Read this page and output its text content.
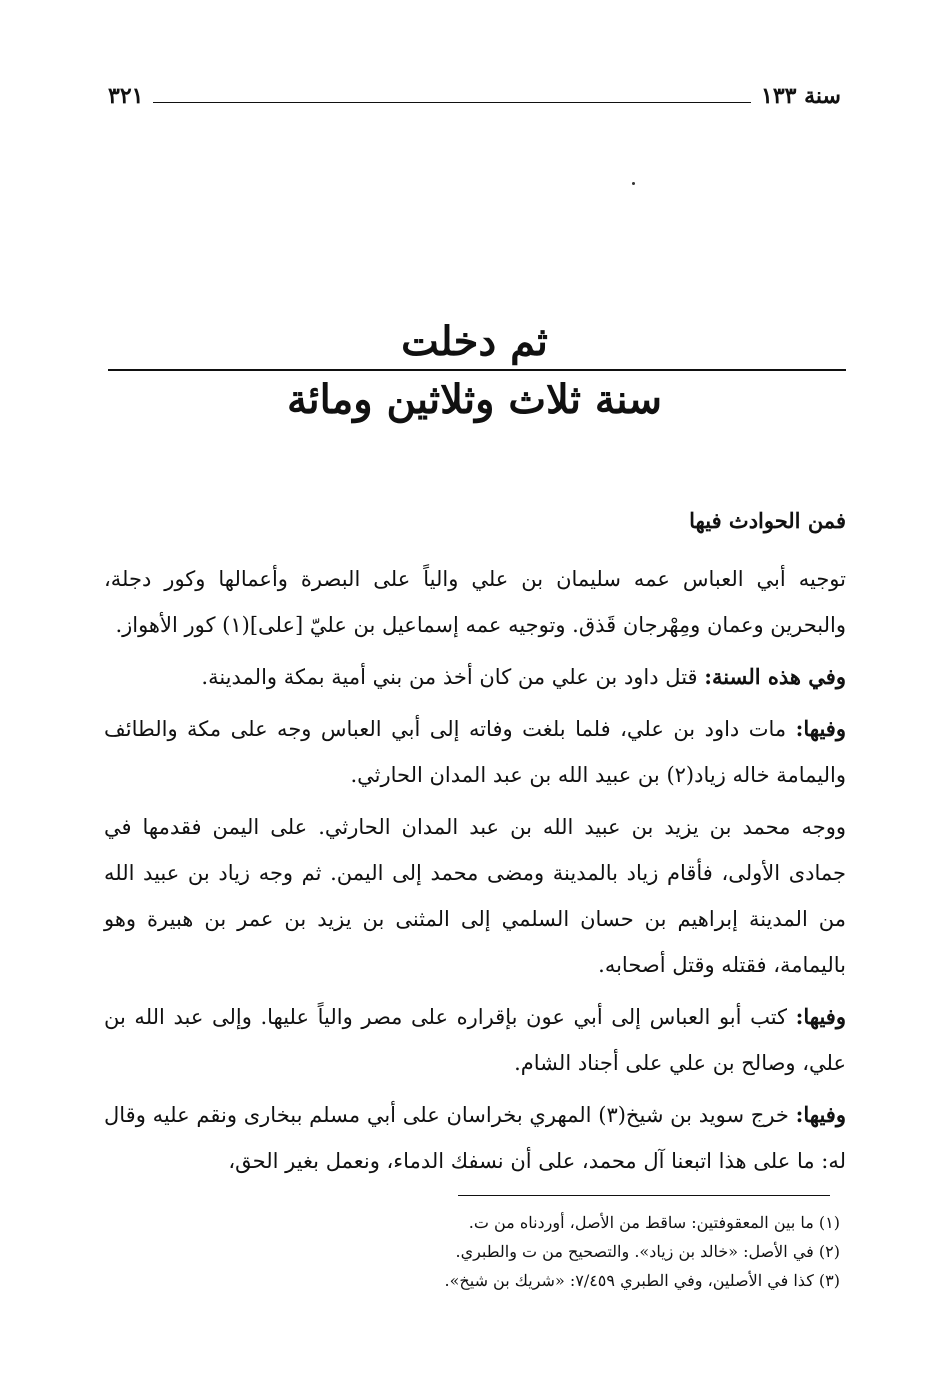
٣٢١	سنة ١٣٣
ثم دخلت
سنة ثلاث وثلاثين ومائة

فمن الحوادث فيها

توجيه أبي العباس عمه سليمان بن علي والياً على البصرة وأعمالها وكور دجلة، والبحرين وعمان ومِهْرجان قَذق. وتوجيه عمه إسماعيل بن عليّ [على](١) كور الأهواز.

وفي هذه السنة: قتل داود بن علي من كان أخذ من بني أمية بمكة والمدينة.

وفيها: مات داود بن علي، فلما بلغت وفاته إلى أبي العباس وجه على مكة والطائف واليمامة خاله زياد(٢) بن عبيد الله بن عبد المدان الحارثي.

ووجه محمد بن يزيد بن عبيد الله بن عبد المدان الحارثي. على اليمن فقدمها في جمادى الأولى، فأقام زياد بالمدينة ومضى محمد إلى اليمن. ثم وجه زياد بن عبيد الله من المدينة إبراهيم بن حسان السلمي إلى المثنى بن يزيد بن عمر بن هبيرة وهو باليمامة، فقتله وقتل أصحابه.

وفيها: كتب أبو العباس إلى أبي عون بإقراره على مصر والياً عليها. وإلى عبد الله بن علي، وصالح بن علي على أجناد الشام.

وفيها: خرج سويد بن شيخ(٣) المهري بخراسان على أبي مسلم ببخارى ونقم عليه وقال له: ما على هذا اتبعنا آل محمد، على أن نسفك الدماء، ونعمل بغير الحق،

(١) ما بين المعقوفتين: ساقط من الأصل، أوردناه من ت.
(٢) في الأصل: «خالد بن زياد». والتصحيح من ت والطبري.
(٣) كذا في الأصلين، وفي الطبري ٧/٤٥٩: «شريك بن شيخ».
